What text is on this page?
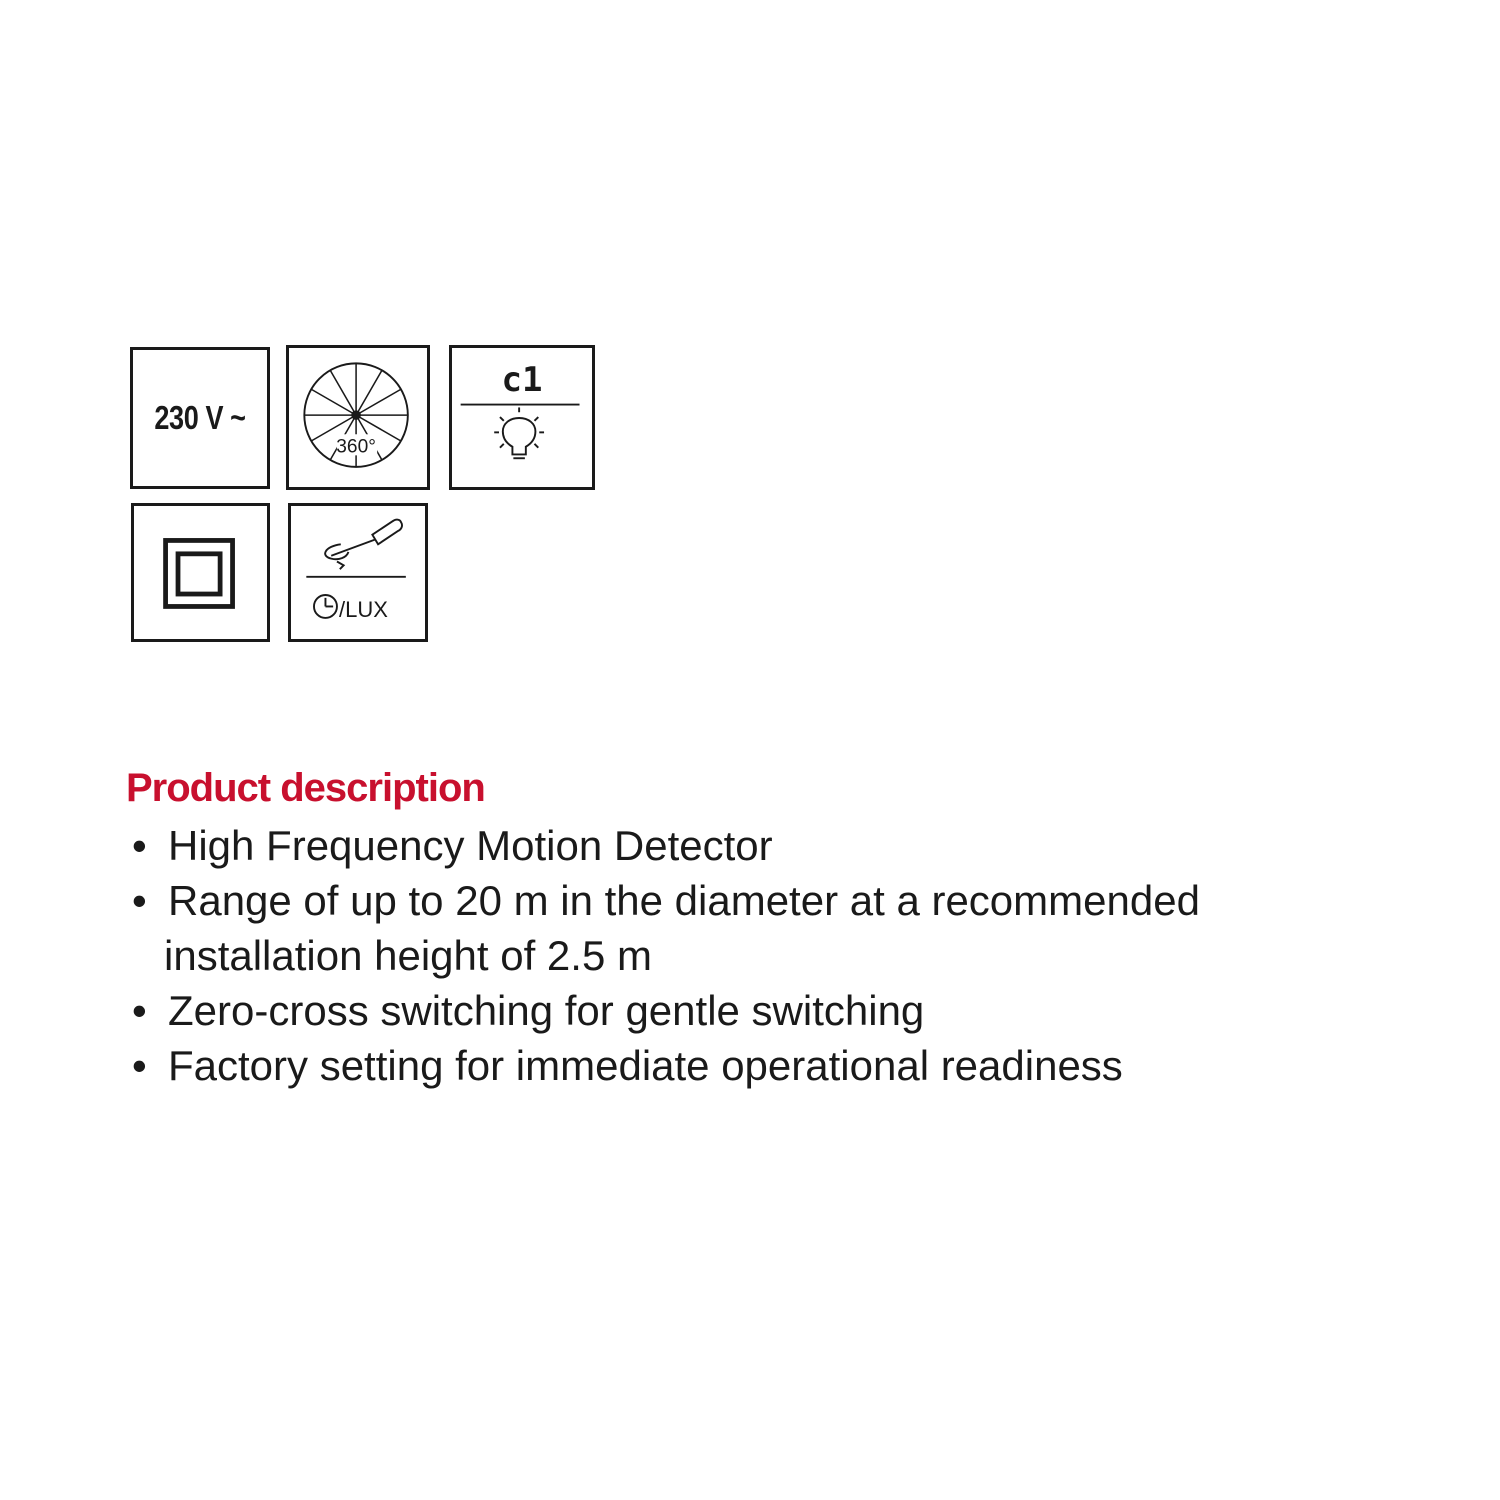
230 V ~
360°
c1
/LUX
Product description
• High Frequency Motion Detector
• Range of up to 20 m in the diameter at a recommended
installation height of 2.5 m
• Zero-cross switching for gentle switching
• Factory setting for immediate operational readiness
